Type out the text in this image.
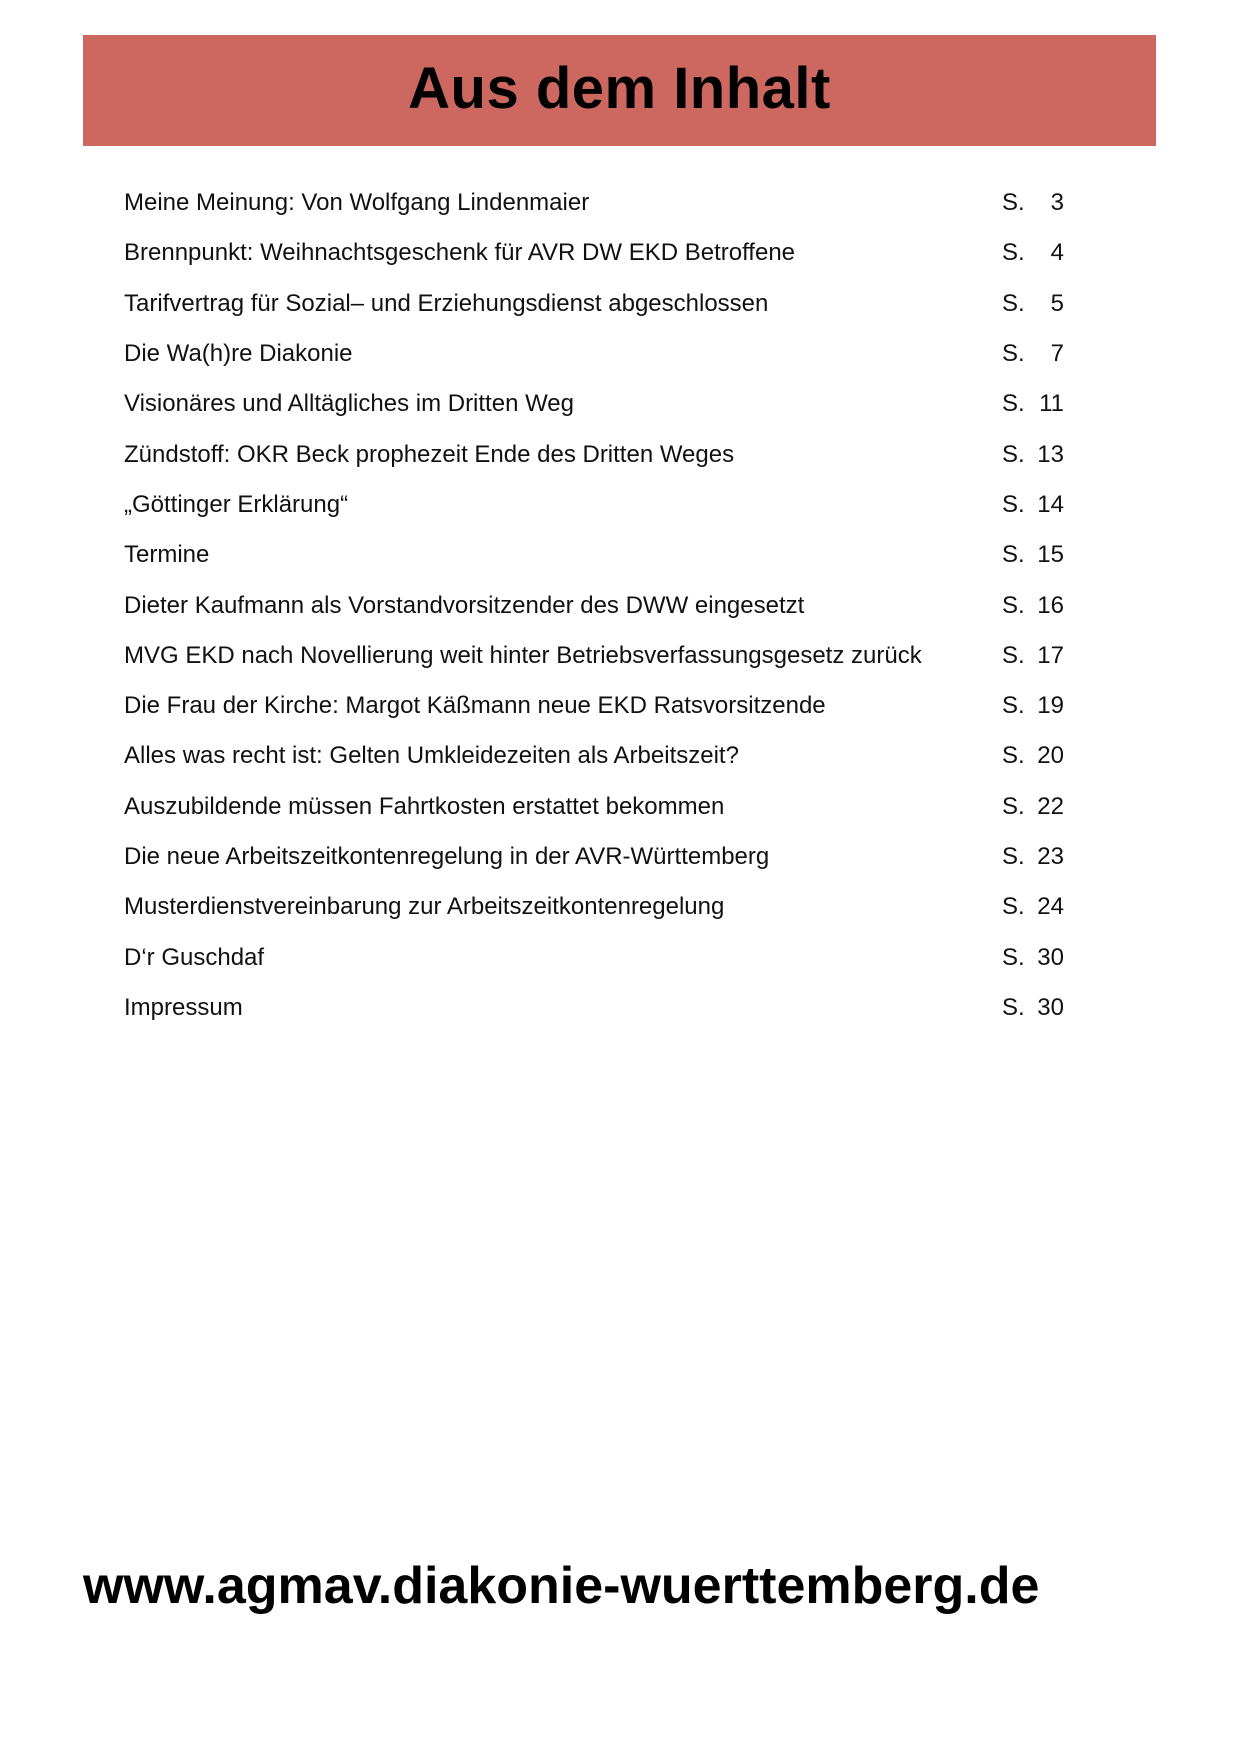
Aus dem Inhalt
Meine Meinung: Von Wolfgang Lindenmaier	S. 3
Brennpunkt: Weihnachtsgeschenk für AVR DW EKD Betroffene	S. 4
Tarifvertrag für Sozial– und Erziehungsdienst abgeschlossen	S. 5
Die Wa(h)re Diakonie	S. 7
Visionäres und Alltägliches im Dritten Weg	S. 11
Zündstoff: OKR Beck prophezeit Ende des Dritten Weges	S. 13
„Göttinger Erklärung“	S. 14
Termine	S. 15
Dieter Kaufmann als Vorstandvorsitzender des DWW eingesetzt	S. 16
MVG EKD nach Novellierung weit hinter Betriebsverfassungsgesetz zurück	S. 17
Die Frau der Kirche: Margot Käßmann neue EKD Ratsvorsitzende	S. 19
Alles was recht ist: Gelten Umkleidezeiten als Arbeitszeit?	S. 20
Auszubildende müssen Fahrtkosten erstattet bekommen	S. 22
Die neue Arbeitszeitkontenregelung in der AVR-Württemberg	S. 23
Musterdienstvereinbarung zur Arbeitszeitkontenregelung	S. 24
D‘r Guschdaf	S. 30
Impressum	S. 30
www.agmav.diakonie-wuerttemberg.de
